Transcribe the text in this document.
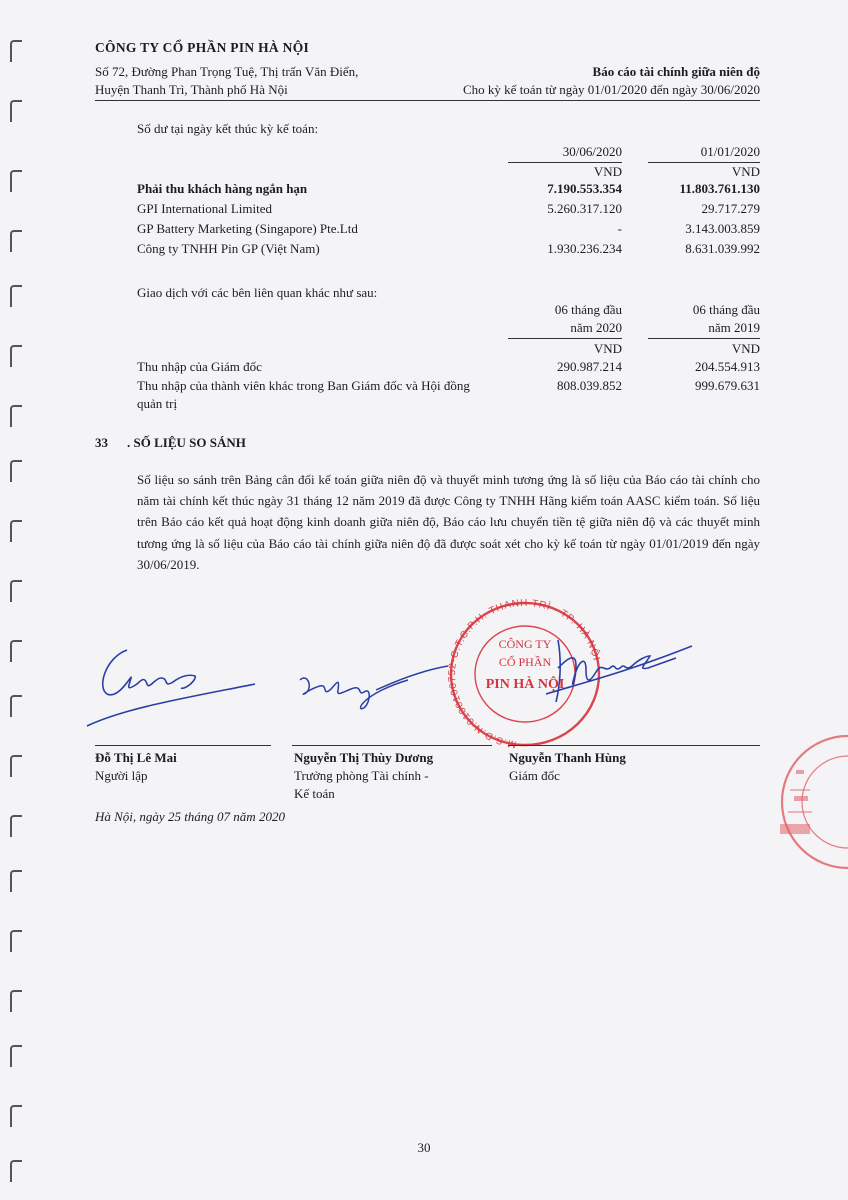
CÔNG TY CỔ PHẦN PIN HÀ NỘI
Số 72, Đường Phan Trọng Tuệ, Thị trấn Văn Điển,
Huyện Thanh Trì, Thành phố Hà Nội
Báo cáo tài chính giữa niên độ
Cho kỳ kế toán từ ngày 01/01/2020 đến ngày 30/06/2020
Số dư tại ngày kết thúc kỳ kế toán:
30/06/2020	01/01/2020
VND	VND
Phải thu khách hàng ngắn hạn	7.190.553.354	11.803.761.130
GPI International Limited	5.260.317.120	29.717.279
GP Battery Marketing (Singapore) Pte.Ltd	-	3.143.003.859
Công ty TNHH Pin GP (Việt Nam)	1.930.236.234	8.631.039.992
Giao dịch với các bên liên quan khác như sau:
06 tháng đầu	06 tháng đầu
năm 2020	năm 2019
VND	VND
Thu nhập của Giám đốc	290.987.214	204.554.913
Thu nhập của thành viên khác trong Ban Giám đốc và Hội đồng
quản trị
808.039.852	999.679.631
33 . SỐ LIỆU SO SÁNH
Số liệu so sánh trên Bảng cân đối kế toán giữa niên độ và thuyết minh tương ứng là số liệu của Báo cáo tài chính cho năm tài chính kết thúc ngày 31 tháng 12 năm 2019 đã được Công ty TNHH Hãng kiểm toán AASC kiểm toán. Số liệu trên Báo cáo kết quả hoạt động kinh doanh giữa niên độ, Báo cáo lưu chuyển tiền tệ giữa niên độ và các thuyết minh tương ứng là số liệu của Báo cáo tài chính giữa niên độ đã được soát xét cho kỳ kế toán từ ngày 01/01/2019 đến ngày 30/06/2019.
M.S.D.N:0100100752-C.T.C.P.H. THANH TRÌ - TP. HÀ NỘI
CÔNG TY
CỔ PHẦN
PIN HÀ NỘI
Đỗ Thị Lê Mai
Người lập
Nguyễn Thị Thùy Dương
Trưởng phòng Tài chính -
Kế toán
Nguyễn Thanh Hùng
Giám đốc
Hà Nội, ngày 25 tháng 07 năm 2020
30
